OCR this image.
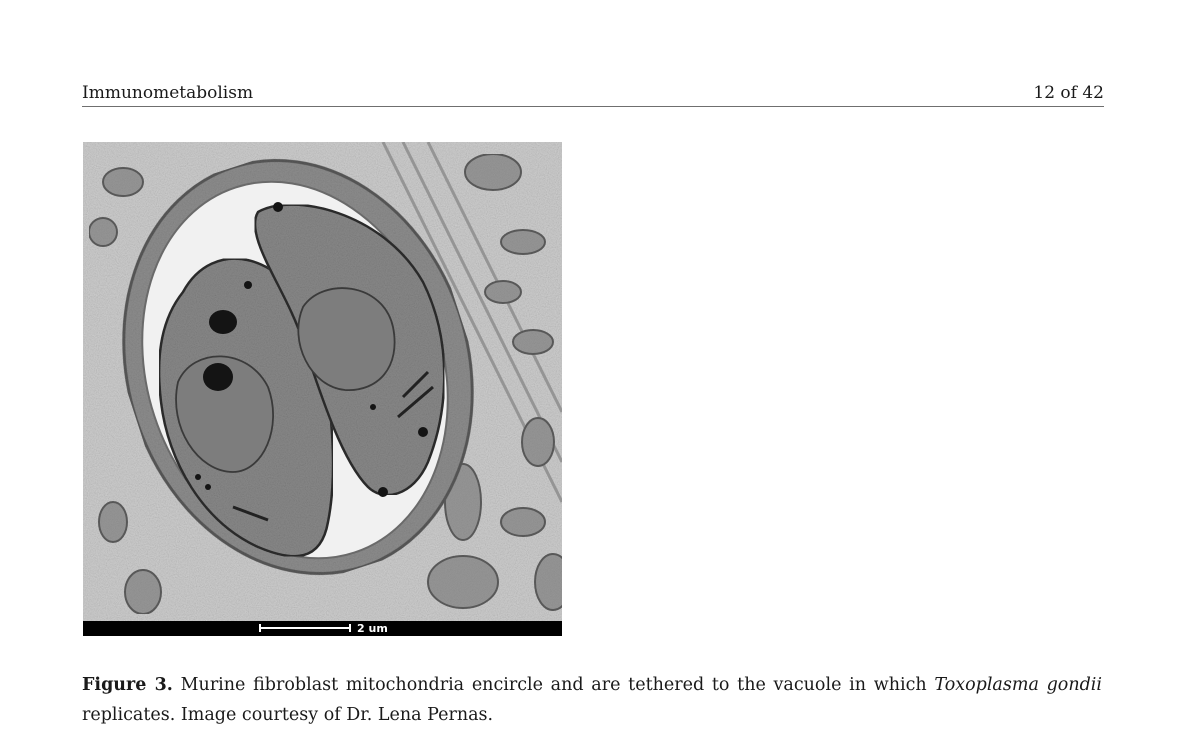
Immunometabolism	12 of 42
2 um

Figure 3. Murine fibroblast mitochondria encircle and are tethered to the vacuole in which Toxoplasma gondii replicates. Image courtesy of Dr. Lena Pernas.
